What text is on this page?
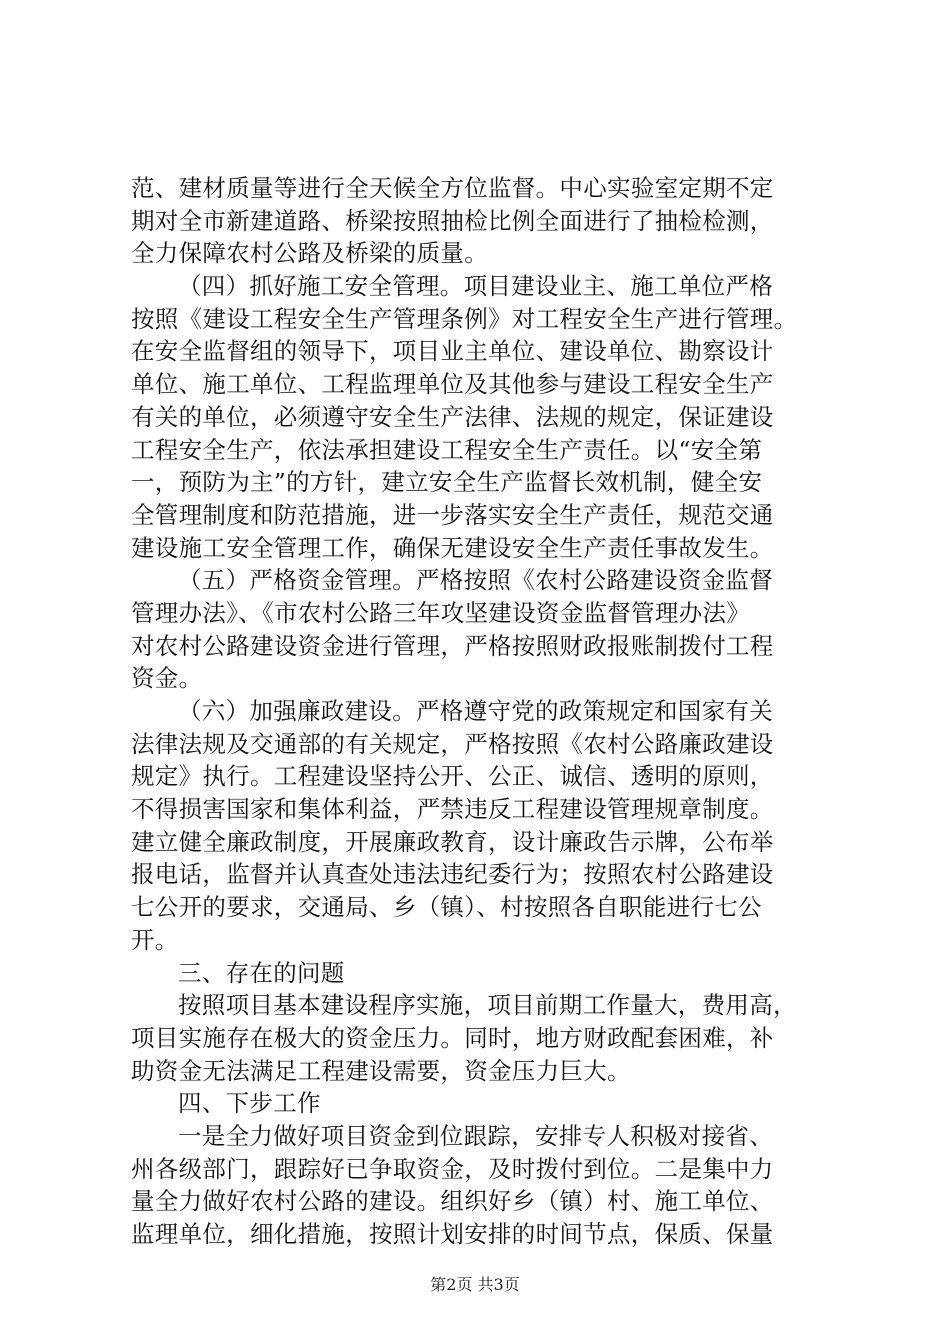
范、建材质量等进行全天候全方位监督。中心实验室定期不定
期对全市新建道路、桥梁按照抽检比例全面进行了抽检检测，
全力保障农村公路及桥梁的质量。
（四）抓好施工安全管理。项目建设业主、施工单位严格
按照《建设工程安全生产管理条例》对工程安全生产进行管理。
在安全监督组的领导下，项目业主单位、建设单位、勘察设计
单位、施工单位、工程监理单位及其他参与建设工程安全生产
有关的单位，必须遵守安全生产法律、法规的规定，保证建设
工程安全生产，依法承担建设工程安全生产责任。以“安全第
一，预防为主”的方针，建立安全生产监督长效机制，健全安
全管理制度和防范措施，进一步落实安全生产责任，规范交通
建设施工安全管理工作，确保无建设安全生产责任事故发生。
（五）严格资金管理。严格按照《农村公路建设资金监督
管理办法》、《市农村公路三年攻坚建设资金监督管理办法》
对农村公路建设资金进行管理，严格按照财政报账制拨付工程
资金。
（六）加强廉政建设。严格遵守党的政策规定和国家有关
法律法规及交通部的有关规定，严格按照《农村公路廉政建设
规定》执行。工程建设坚持公开、公正、诚信、透明的原则，
不得损害国家和集体利益，严禁违反工程建设管理规章制度。
建立健全廉政制度，开展廉政教育，设计廉政告示牌，公布举
报电话，监督并认真查处违法违纪委行为；按照农村公路建设
七公开的要求，交通局、乡（镇）、村按照各自职能进行七公
开。
三、存在的问题
按照项目基本建设程序实施，项目前期工作量大，费用高，
项目实施存在极大的资金压力。同时，地方财政配套困难，补
助资金无法满足工程建设需要，资金压力巨大。
四、下步工作
一是全力做好项目资金到位跟踪，安排专人积极对接省、
州各级部门，跟踪好已争取资金，及时拨付到位。二是集中力
量全力做好农村公路的建设。组织好乡（镇）村、施工单位、
监理单位，细化措施，按照计划安排的时间节点，保质、保量
第2页 共3页
